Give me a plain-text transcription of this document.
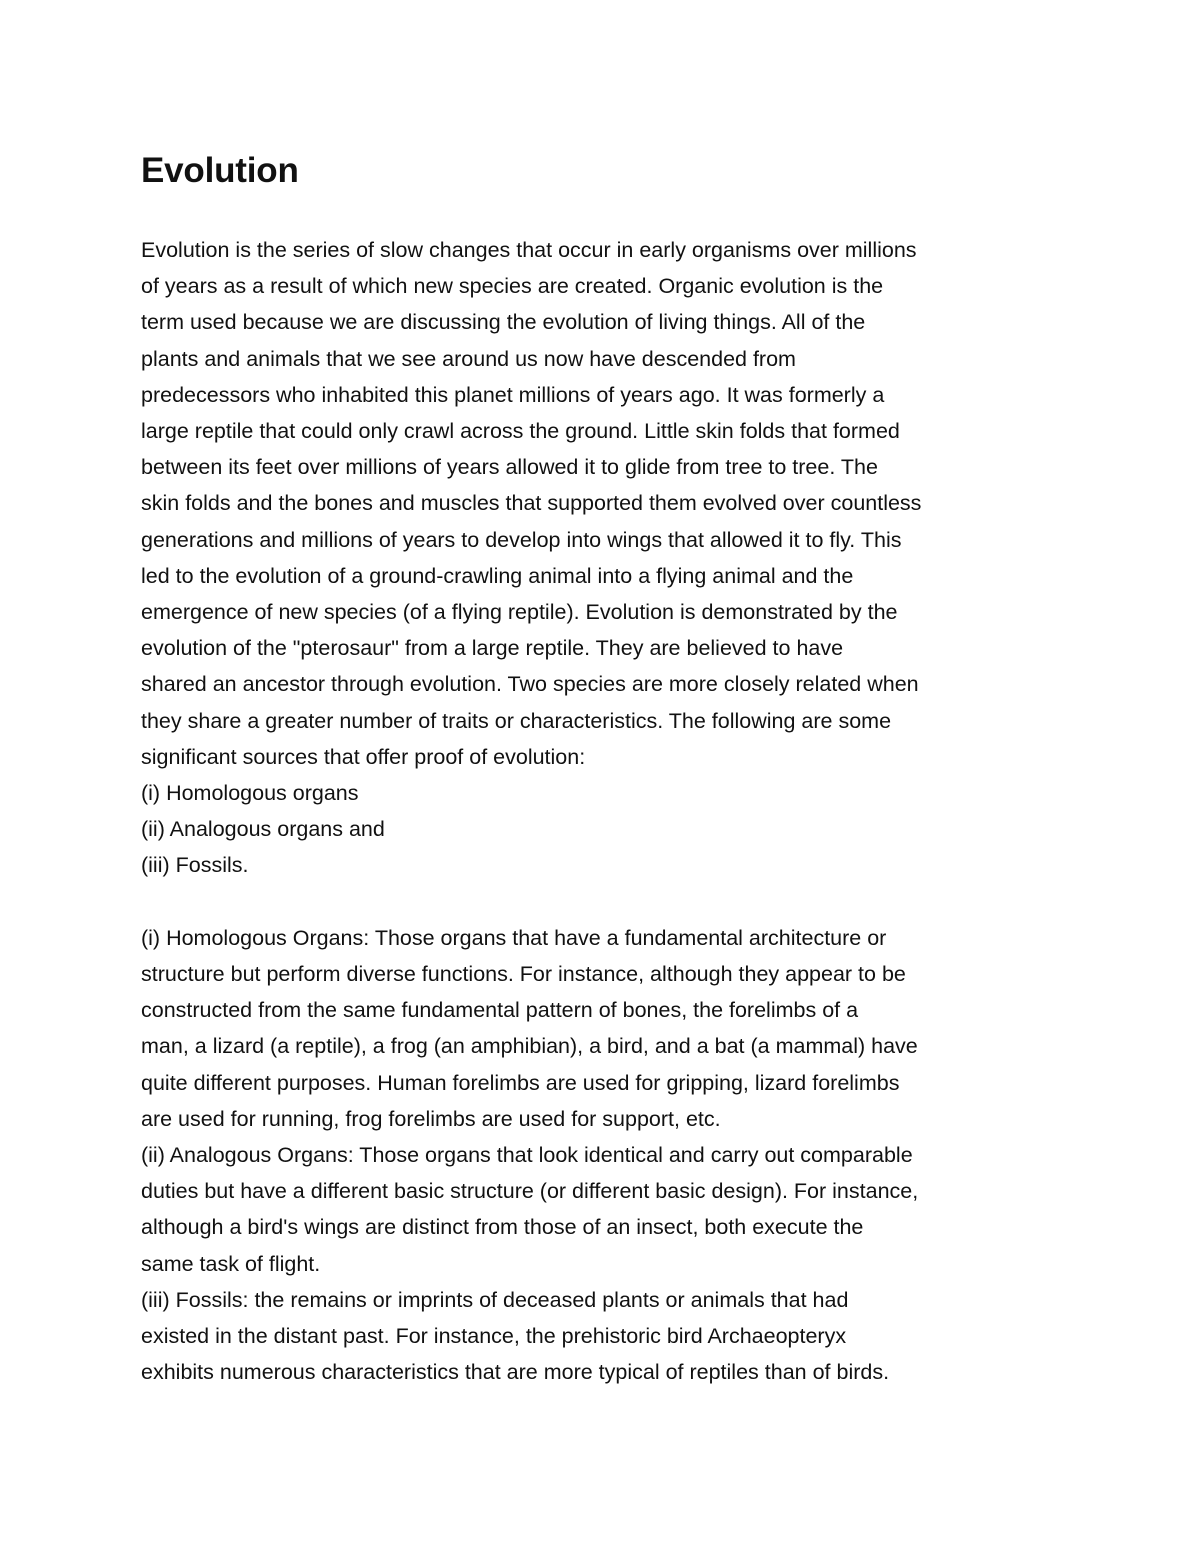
Evolution
Evolution is the series of slow changes that occur in early organisms over millions
of years as a result of which new species are created. Organic evolution is the
term used because we are discussing the evolution of living things. All of the
plants and animals that we see around us now have descended from
predecessors who inhabited this planet millions of years ago. It was formerly a
large reptile that could only crawl across the ground. Little skin folds that formed
between its feet over millions of years allowed it to glide from tree to tree. The
skin folds and the bones and muscles that supported them evolved over countless
generations and millions of years to develop into wings that allowed it to fly. This
led to the evolution of a ground-crawling animal into a flying animal and the
emergence of new species (of a flying reptile). Evolution is demonstrated by the
evolution of the "pterosaur" from a large reptile. They are believed to have
shared an ancestor through evolution. Two species are more closely related when
they share a greater number of traits or characteristics. The following are some
significant sources that offer proof of evolution:
(i) Homologous organs
(ii) Analogous organs and
(iii) Fossils.
(i) Homologous Organs: Those organs that have a fundamental architecture or
structure but perform diverse functions. For instance, although they appear to be
constructed from the same fundamental pattern of bones, the forelimbs of a
man, a lizard (a reptile), a frog (an amphibian), a bird, and a bat (a mammal) have
quite different purposes. Human forelimbs are used for gripping, lizard forelimbs
are used for running, frog forelimbs are used for support, etc.
(ii) Analogous Organs: Those organs that look identical and carry out comparable
duties but have a different basic structure (or different basic design). For instance,
although a bird's wings are distinct from those of an insect, both execute the
same task of flight.
(iii) Fossils: the remains or imprints of deceased plants or animals that had
existed in the distant past. For instance, the prehistoric bird Archaeopteryx
exhibits numerous characteristics that are more typical of reptiles than of birds.
